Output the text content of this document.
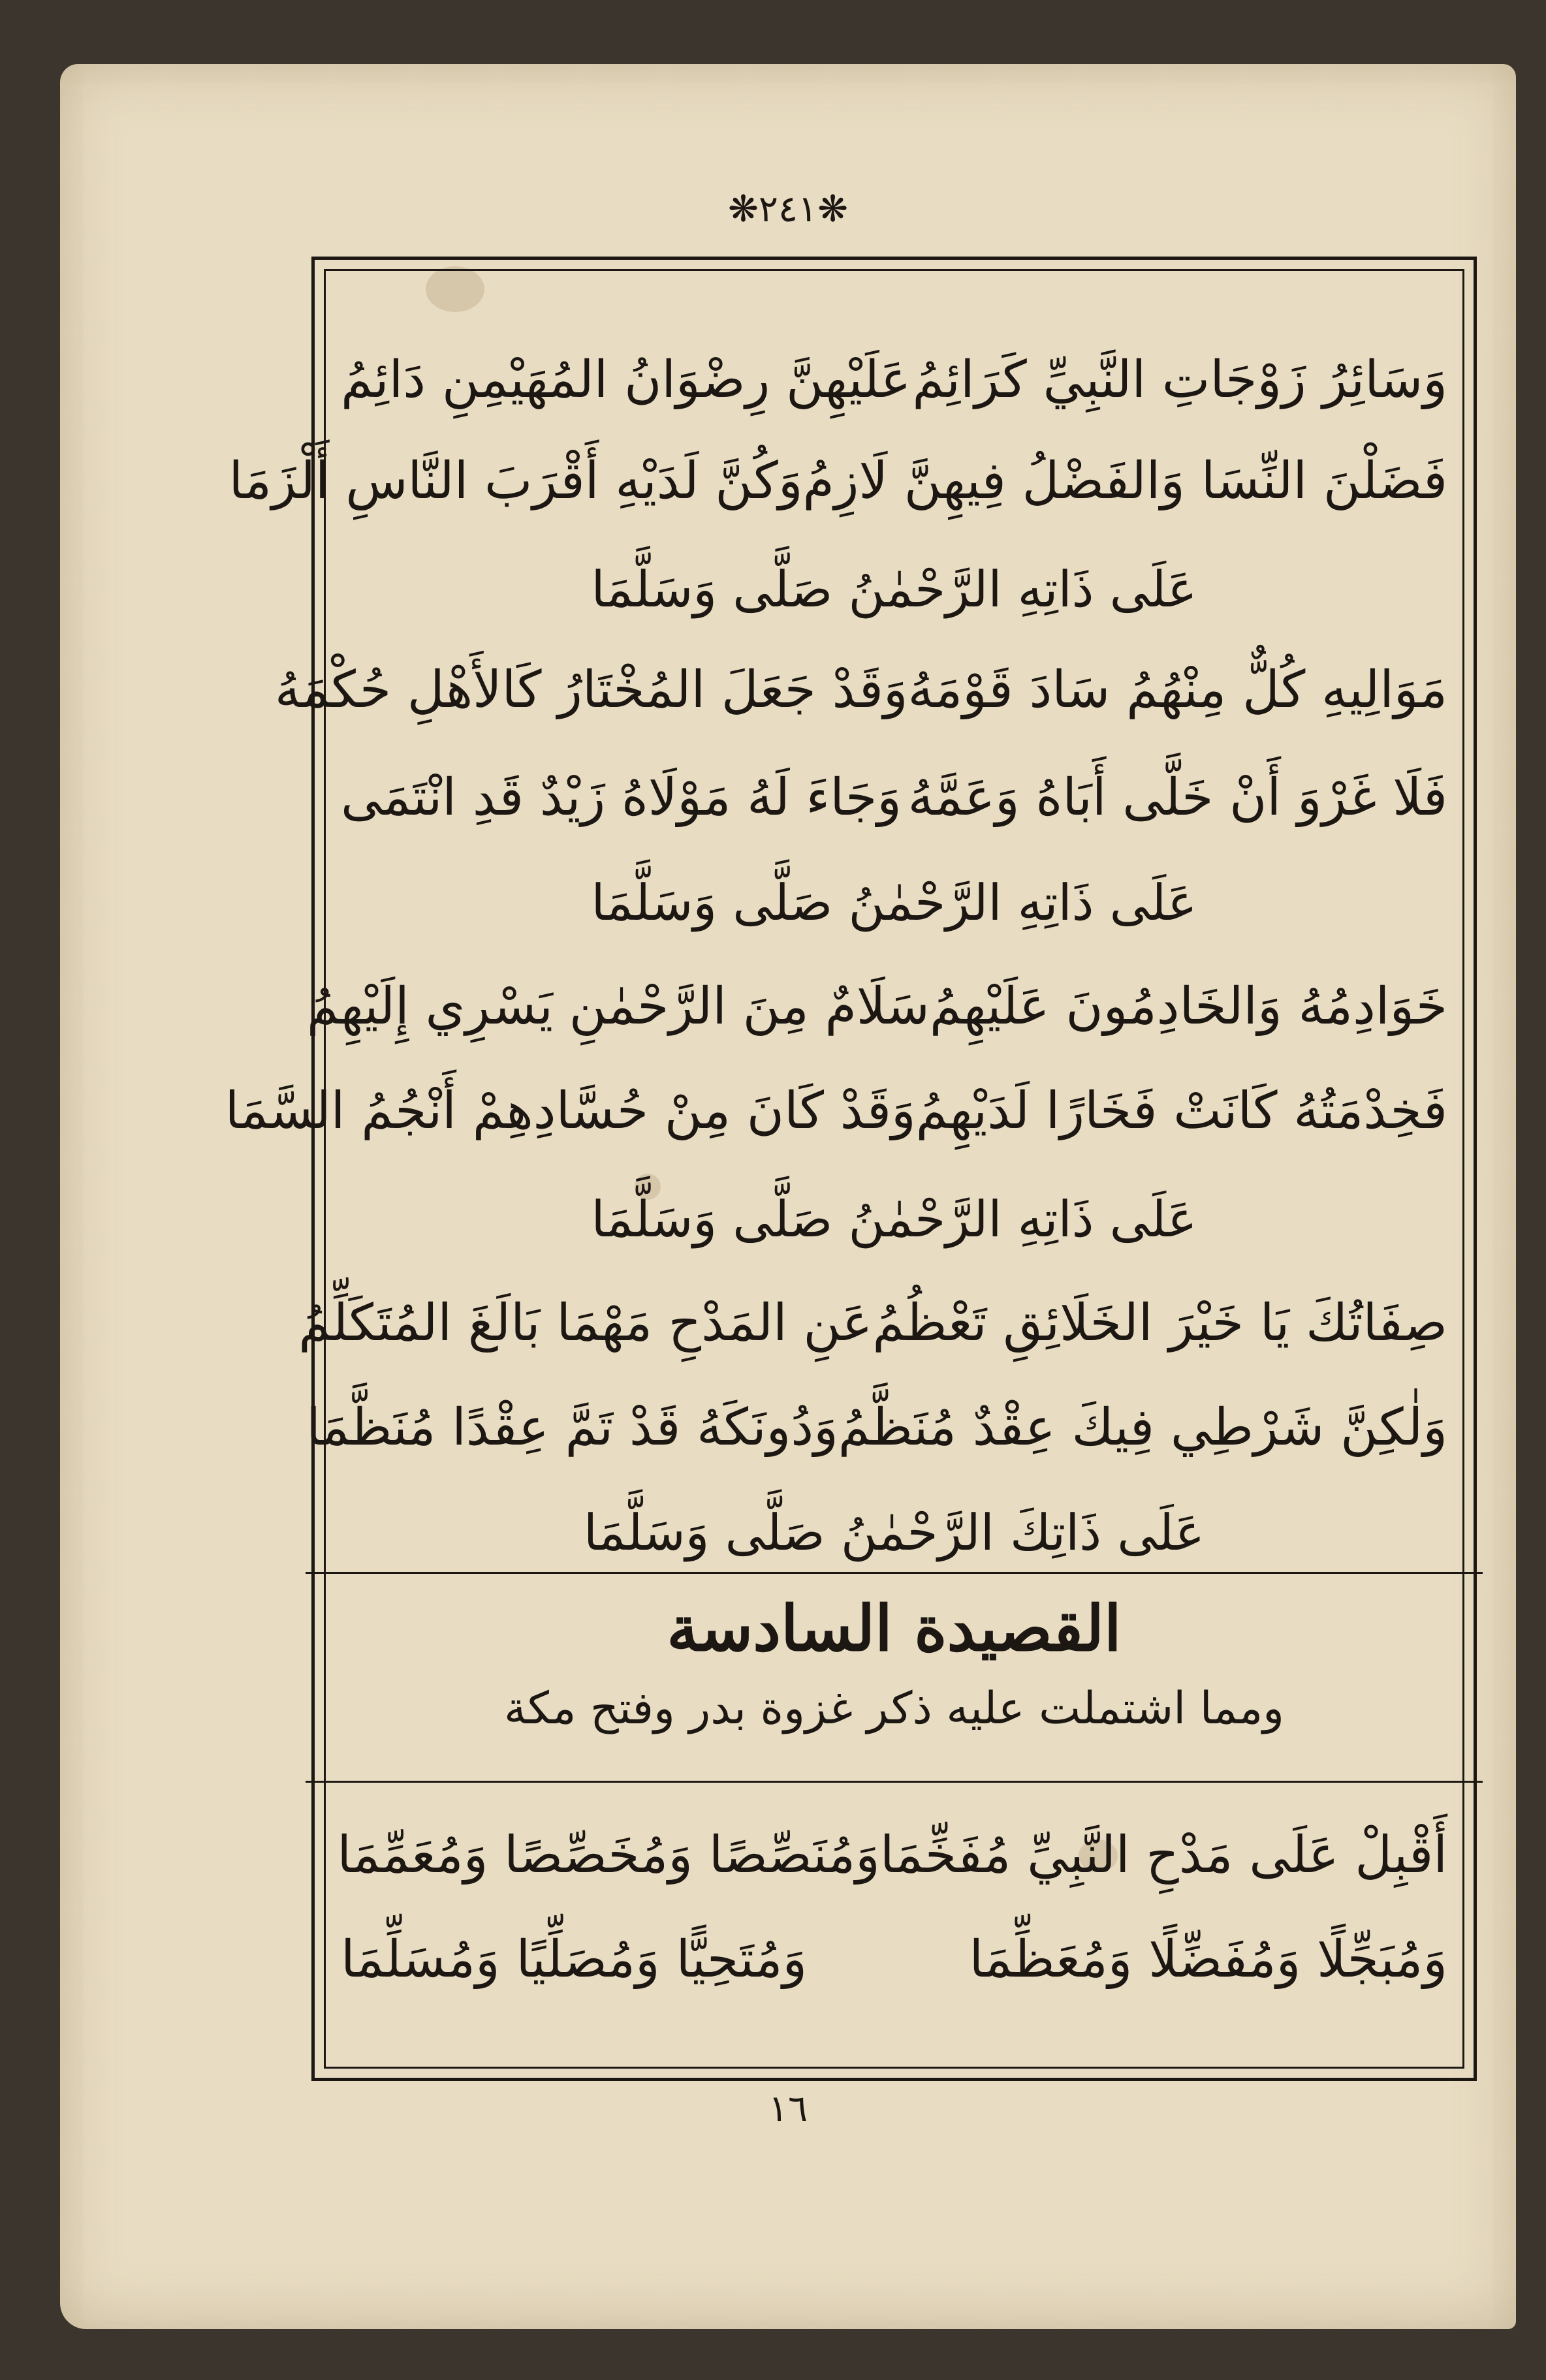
❋٢٤١❋
وَسَائِرُ زَوْجَاتِ النَّبِيِّ كَرَائِمُ
عَلَيْهِنَّ رِضْوَانُ المُهَيْمِنِ دَائِمُ
فَضَلْنَ النِّسَا وَالفَضْلُ فِيهِنَّ لَازِمُ
وَكُنَّ لَدَيْهِ أَقْرَبَ النَّاسِ أَلْزَمَا
عَلَى ذَاتِهِ الرَّحْمٰنُ صَلَّى وَسَلَّمَا
مَوَالِيهِ كُلٌّ مِنْهُمُ سَادَ قَوْمَهُ
وَقَدْ جَعَلَ المُخْتَارُ كَالأَهْلِ حُكْمَهُ
فَلَا غَرْوَ أَنْ خَلَّى أَبَاهُ وَعَمَّهُ
وَجَاءَ لَهُ مَوْلَاهُ زَيْدٌ قَدِ انْتَمَى
عَلَى ذَاتِهِ الرَّحْمٰنُ صَلَّى وَسَلَّمَا
خَوَادِمُهُ وَالخَادِمُونَ عَلَيْهِمُ
سَلَامٌ مِنَ الرَّحْمٰنِ يَسْرِي إِلَيْهِمُ
فَخِدْمَتُهُ كَانَتْ فَخَارًا لَدَيْهِمُ
وَقَدْ كَانَ مِنْ حُسَّادِهِمْ أَنْجُمُ السَّمَا
عَلَى ذَاتِهِ الرَّحْمٰنُ صَلَّى وَسَلَّمَا
صِفَاتُكَ يَا خَيْرَ الخَلَائِقِ تَعْظُمُ
عَنِ المَدْحِ مَهْمَا بَالَغَ المُتَكَلِّمُ
وَلٰكِنَّ شَرْطِي فِيكَ عِقْدٌ مُنَظَّمُ
وَدُونَكَهُ قَدْ تَمَّ عِقْدًا مُنَظَّمَا
عَلَى ذَاتِكَ الرَّحْمٰنُ صَلَّى وَسَلَّمَا
القصيدة السادسة
ومما اشتملت عليه ذكر غزوة بدر وفتح مكة
أَقْبِلْ عَلَى مَدْحِ النَّبِيِّ مُفَخِّمَا
وَمُنَصِّصًا وَمُخَصِّصًا وَمُعَمِّمَا
وَمُبَجِّلًا وَمُفَضِّلًا وَمُعَظِّمَا
وَمُتَحِيًّا وَمُصَلِّيًا وَمُسَلِّمَا
١٦
